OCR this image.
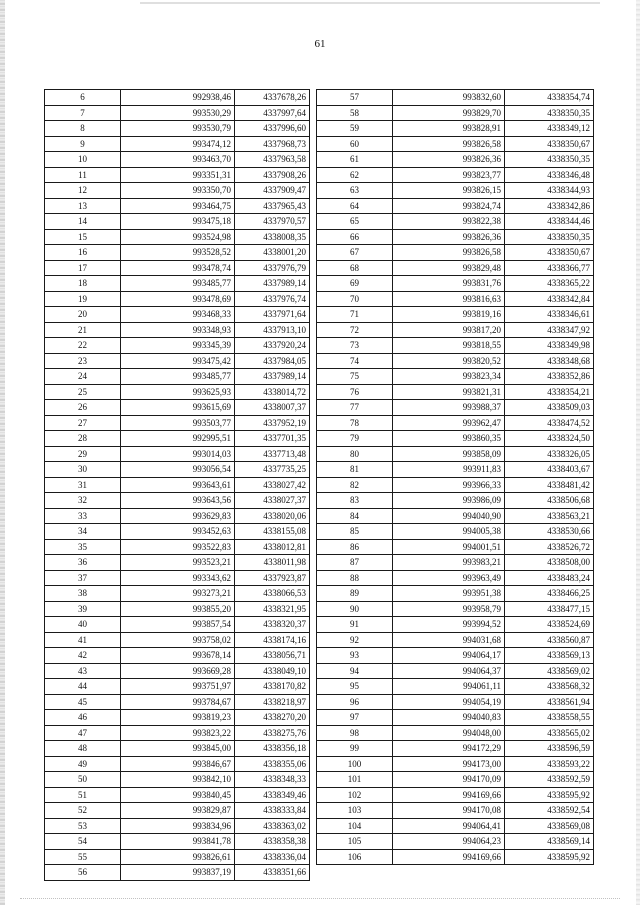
61
6	992938,46	4337678,26
7	993530,29	4337997,64
8	993530,79	4337996,60
9	993474,12	4337968,73
10	993463,70	4337963,58
11	993351,31	4337908,26
12	993350,70	4337909,47
13	993464,75	4337965,43
14	993475,18	4337970,57
15	993524,98	4338008,35
16	993528,52	4338001,20
17	993478,74	4337976,79
18	993485,77	4337989,14
19	993478,69	4337976,74
20	993468,33	4337971,64
21	993348,93	4337913,10
22	993345,39	4337920,24
23	993475,42	4337984,05
24	993485,77	4337989,14
25	993625,93	4338014,72
26	993615,69	4338007,37
27	993503,77	4337952,19
28	992995,51	4337701,35
29	993014,03	4337713,48
30	993056,54	4337735,25
31	993643,61	4338027,42
32	993643,56	4338027,37
33	993629,83	4338020,06
34	993452,63	4338155,08
35	993522,83	4338012,81
36	993523,21	4338011,98
37	993343,62	4337923,87
38	993273,21	4338066,53
39	993855,20	4338321,95
40	993857,54	4338320,37
41	993758,02	4338174,16
42	993678,14	4338056,71
43	993669,28	4338049,10
44	993751,97	4338170,82
45	993784,67	4338218,97
46	993819,23	4338270,20
47	993823,22	4338275,76
48	993845,00	4338356,18
49	993846,67	4338355,06
50	993842,10	4338348,33
51	993840,45	4338349,46
52	993829,87	4338333,84
53	993834,96	4338363,02
54	993841,78	4338358,38
55	993826,61	4338336,04
56	993837,19	4338351,66
57	993832,60	4338354,74
58	993829,70	4338350,35
59	993828,91	4338349,12
60	993826,58	4338350,67
61	993826,36	4338350,35
62	993823,77	4338346,48
63	993826,15	4338344,93
64	993824,74	4338342,86
65	993822,38	4338344,46
66	993826,36	4338350,35
67	993826,58	4338350,67
68	993829,48	4338366,77
69	993831,76	4338365,22
70	993816,63	4338342,84
71	993819,16	4338346,61
72	993817,20	4338347,92
73	993818,55	4338349,98
74	993820,52	4338348,68
75	993823,34	4338352,86
76	993821,31	4338354,21
77	993988,37	4338509,03
78	993962,47	4338474,52
79	993860,35	4338324,50
80	993858,09	4338326,05
81	993911,83	4338403,67
82	993966,33	4338481,42
83	993986,09	4338506,68
84	994040,90	4338563,21
85	994005,38	4338530,66
86	994001,51	4338526,72
87	993983,21	4338508,00
88	993963,49	4338483,24
89	993951,38	4338466,25
90	993958,79	4338477,15
91	993994,52	4338524,69
92	994031,68	4338560,87
93	994064,17	4338569,13
94	994064,37	4338569,02
95	994061,11	4338568,32
96	994054,19	4338561,94
97	994040,83	4338558,55
98	994048,00	4338565,02
99	994172,29	4338596,59
100	994173,00	4338593,22
101	994170,09	4338592,59
102	994169,66	4338595,92
103	994170,08	4338592,54
104	994064,41	4338569,08
105	994064,23	4338569,14
106	994169,66	4338595,92
